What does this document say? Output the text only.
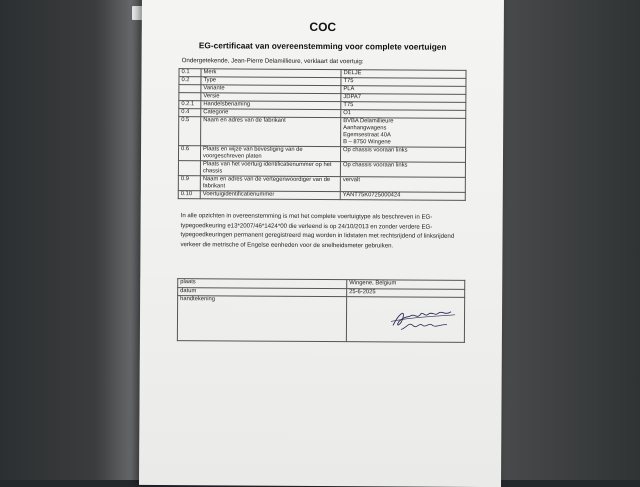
COC
EG-certificaat van overeenstemming voor complete voertuigen
Ondergetekende, Jean-Pierre Delamillieure, verklaart dat voertuig:
0.1	Merk	DELJE
0.2	Type	T75
	Variante	PLA
	Versie	JDPA7
0.2.1	Handelsbenaming	T75
0.4	Categorie	O1
0.5	Naam en adres van de fabrikant	BVBA Delamillieure
Aanhangwagens
Egemsestraat 40A
B – 8750 Wingene
0.6	Plaats en wijze van bevestiging van de voorgeschreven platen	Op chassis vooraan links
	Plaats van het voertuig identificatienummer op het chassis	Op chassis vooraan links
0.9	Naam en adres van de vertegenwoordiger van de fabrikant	vervalt
0.10	Voertuigidentificatienummer	YANT75K0725000424
In alle opzichten in overeenstemming is met het complete voertuigtype als beschreven in EG-typegoedkeuring e13*2007/46*1424*00 die verleend is op 24/10/2013 en zonder verdere EG-typegoedkeuringen permanent geregistreerd mag worden in lidstaten met rechtsrijdend of linksrijdend verkeer die metrische of Engelse eenheden voor de snelheidsmeter gebruiken.
plaats	Wingene, Belgium
datum	25-6-2025
handtekening	
